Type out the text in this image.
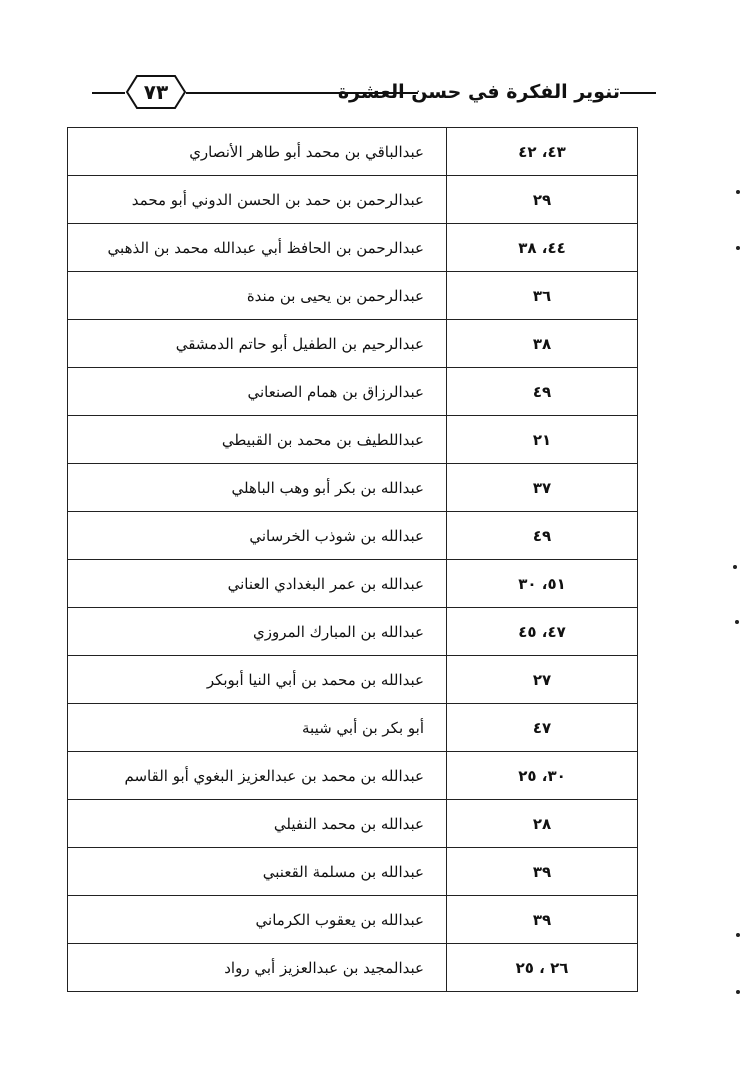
٧٣	تنوير الفكرة في حسن العشرة
٤٣، ٤٢	عبدالباقي بن محمد أبو طاهر الأنصاري
٢٩	عبدالرحمن بن حمد بن الحسن الدوني أبو محمد
٤٤، ٣٨	عبدالرحمن بن الحافظ أبي عبدالله محمد بن الذهبي
٣٦	عبدالرحمن بن يحيى بن مندة
٣٨	عبدالرحيم بن الطفيل أبو حاتم الدمشقي
٤٩	عبدالرزاق بن همام الصنعاني
٢١	عبداللطيف بن محمد بن القبيطي
٣٧	عبدالله بن بكر أبو وهب الباهلي
٤٩	عبدالله بن شوذب الخرساني
٥١، ٣٠	عبدالله بن عمر البغدادي العناني
٤٧، ٤٥	عبدالله بن المبارك المروزي
٢٧	عبدالله بن محمد بن أبي النيا أبوبكر
٤٧	أبو بكر بن أبي شيبة
٣٠، ٢٥	عبدالله بن محمد بن عبدالعزيز البغوي أبو القاسم
٢٨	عبدالله بن محمد النفيلي
٣٩	عبدالله بن مسلمة القعنبي
٣٩	عبدالله بن يعقوب الكرماني
٢٦ ، ٢٥	عبدالمجيد بن عبدالعزيز أبي رواد
